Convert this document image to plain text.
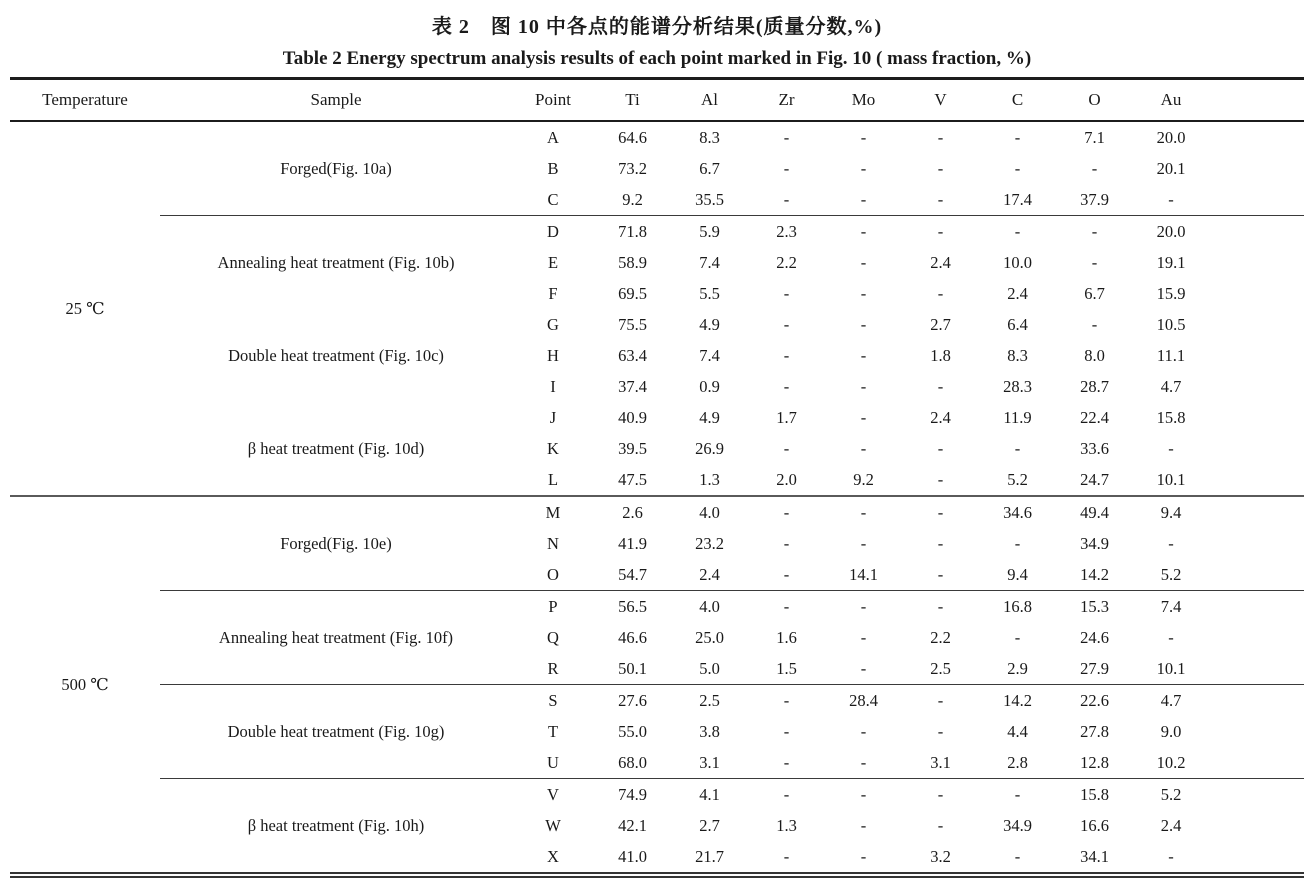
表 2　图 10 中各点的能谱分析结果(质量分数,%)
Table 2 Energy spectrum analysis results of each point marked in Fig. 10 ( mass fraction, %)
Temperature	Sample	Point	Ti	Al	Zr	Mo	V	C	O	Au
25 ℃		A	64.6	8.3	-	-	-	-	7.1	20.0
	Forged(Fig. 10a)	B	73.2	6.7	-	-	-	-	-	20.1
		C	9.2	35.5	-	-	-	17.4	37.9	-
		D	71.8	5.9	2.3	-	-	-	-	20.0
	Annealing heat treatment (Fig. 10b)	E	58.9	7.4	2.2	-	2.4	10.0	-	19.1
		F	69.5	5.5	-	-	-	2.4	6.7	15.9
		G	75.5	4.9	-	-	2.7	6.4	-	10.5
	Double heat treatment (Fig. 10c)	H	63.4	7.4	-	-	1.8	8.3	8.0	11.1
		I	37.4	0.9	-	-	-	28.3	28.7	4.7
		J	40.9	4.9	1.7	-	2.4	11.9	22.4	15.8
	β heat treatment (Fig. 10d)	K	39.5	26.9	-	-	-	-	33.6	-
		L	47.5	1.3	2.0	9.2	-	5.2	24.7	10.1
500 ℃		M	2.6	4.0	-	-	-	34.6	49.4	9.4
	Forged(Fig. 10e)	N	41.9	23.2	-	-	-	-	34.9	-
		O	54.7	2.4	-	14.1	-	9.4	14.2	5.2
		P	56.5	4.0	-	-	-	16.8	15.3	7.4
	Annealing heat treatment (Fig. 10f)	Q	46.6	25.0	1.6	-	2.2	-	24.6	-
		R	50.1	5.0	1.5	-	2.5	2.9	27.9	10.1
		S	27.6	2.5	-	28.4	-	14.2	22.6	4.7
	Double heat treatment (Fig. 10g)	T	55.0	3.8	-	-	-	4.4	27.8	9.0
		U	68.0	3.1	-	-	3.1	2.8	12.8	10.2
		V	74.9	4.1	-	-	-	-	15.8	5.2
	β heat treatment (Fig. 10h)	W	42.1	2.7	1.3	-	-	34.9	16.6	2.4
		X	41.0	21.7	-	-	3.2	-	34.1	-
